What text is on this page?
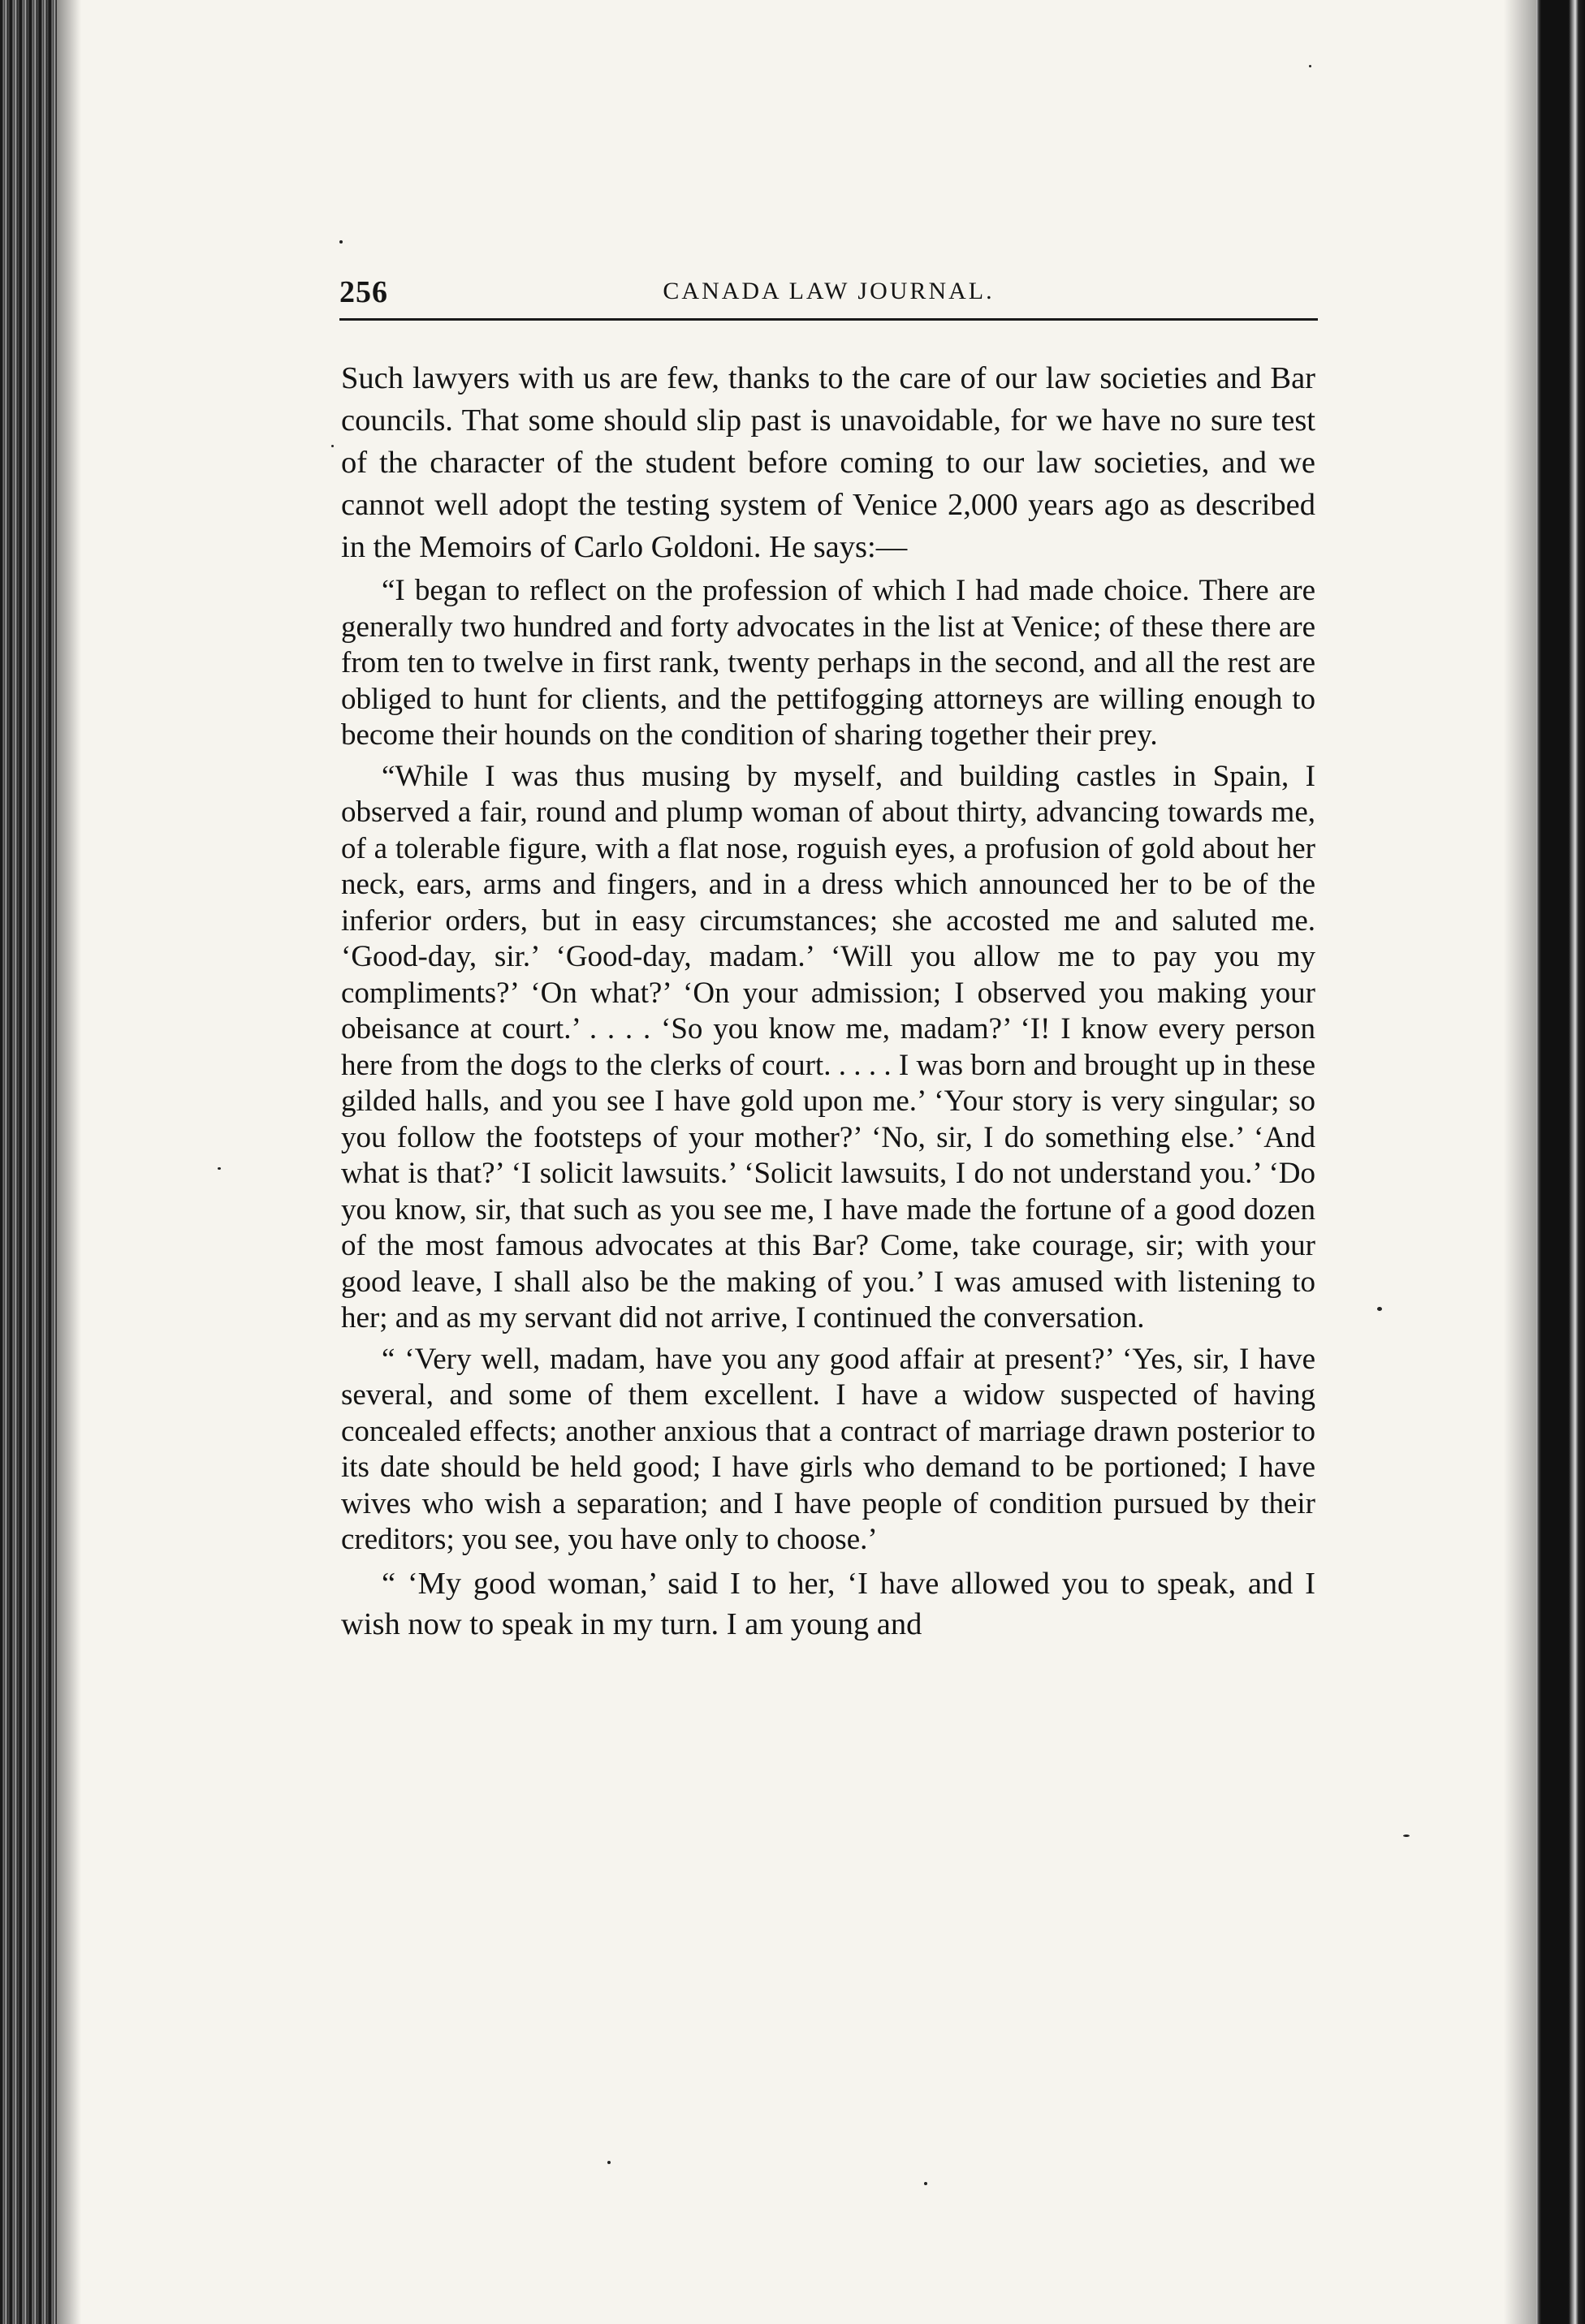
256	CANADA LAW JOURNAL.

Such lawyers with us are few, thanks to the care of our law societies and Bar councils. That some should slip past is unavoidable, for we have no sure test of the character of the student before coming to our law societies, and we cannot well adopt the testing system of Venice 2,000 years ago as described in the Memoirs of Carlo Goldoni. He says:—

“I began to reflect on the profession of which I had made choice. There are generally two hundred and forty advocates in the list at Venice; of these there are from ten to twelve in first rank, twenty perhaps in the second, and all the rest are obliged to hunt for clients, and the pettifogging attorneys are willing enough to become their hounds on the condition of sharing together their prey.

“While I was thus musing by myself, and building castles in Spain, I observed a fair, round and plump woman of about thirty, advancing towards me, of a tolerable figure, with a flat nose, roguish eyes, a profusion of gold about her neck, ears, arms and fingers, and in a dress which announced her to be of the inferior orders, but in easy circumstances; she accosted me and saluted me. ‘Good-day, sir.’ ‘Good-day, madam.’ ‘Will you allow me to pay you my compliments?’ ‘On what?’ ‘On your admission; I observed you making your obeisance at court.’ . . . . ‘So you know me, madam?’ ‘I! I know every person here from the dogs to the clerks of court. . . . . I was born and brought up in these gilded halls, and you see I have gold upon me.’ ‘Your story is very singular; so you follow the footsteps of your mother?’ ‘No, sir, I do something else.’ ‘And what is that?’ ‘I solicit lawsuits.’ ‘Solicit lawsuits, I do not understand you.’ ‘Do you know, sir, that such as you see me, I have made the fortune of a good dozen of the most famous advocates at this Bar? Come, take courage, sir; with your good leave, I shall also be the making of you.’ I was amused with listening to her; and as my servant did not arrive, I continued the conversation.

“ ‘Very well, madam, have you any good affair at present?’ ‘Yes, sir, I have several, and some of them excellent. I have a widow suspected of having concealed effects; another anxious that a contract of marriage drawn posterior to its date should be held good; I have girls who demand to be portioned; I have wives who wish a separation; and I have people of condition pursued by their creditors; you see, you have only to choose.’

“ ‘My good woman,’ said I to her, ‘I have allowed you to speak, and I wish now to speak in my turn. I am young and
